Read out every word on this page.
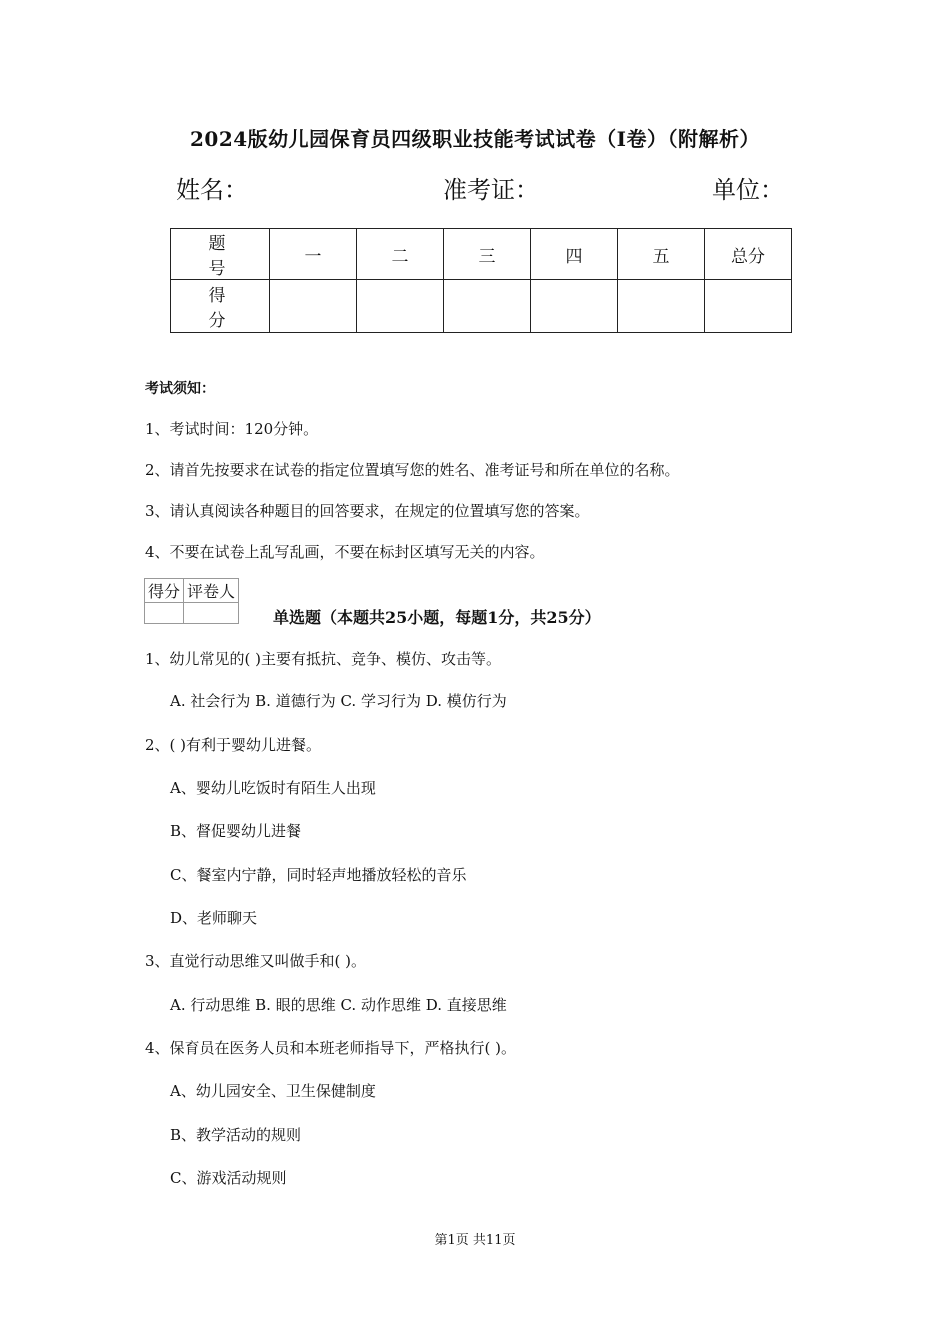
2024版幼儿园保育员四级职业技能考试试卷（I卷）（附解析）
姓名：	准考证：	单位：
题 号	一	二	三	四	五	总分
得 分						
考试须知：
1、考试时间：120分钟。
2、请首先按要求在试卷的指定位置填写您的姓名、准考证号和所在单位的名称。
3、请认真阅读各种题目的回答要求，在规定的位置填写您的答案。
4、不要在试卷上乱写乱画，不要在标封区填写无关的内容。
得分	评卷人

单选题（本题共25小题，每题1分，共25分）
1、幼儿常见的( )主要有抵抗、竞争、模仿、攻击等。
A. 社会行为 B. 道德行为 C. 学习行为 D. 模仿行为
2、( )有利于婴幼儿进餐。
A、婴幼儿吃饭时有陌生人出现
B、督促婴幼儿进餐
C、餐室内宁静，同时轻声地播放轻松的音乐
D、老师聊天
3、直觉行动思维又叫做手和( )。
A. 行动思维 B. 眼的思维 C. 动作思维 D. 直接思维
4、保育员在医务人员和本班老师指导下，严格执行( )。
A、幼儿园安全、卫生保健制度
B、教学活动的规则
C、游戏活动规则
第1页 共11页
